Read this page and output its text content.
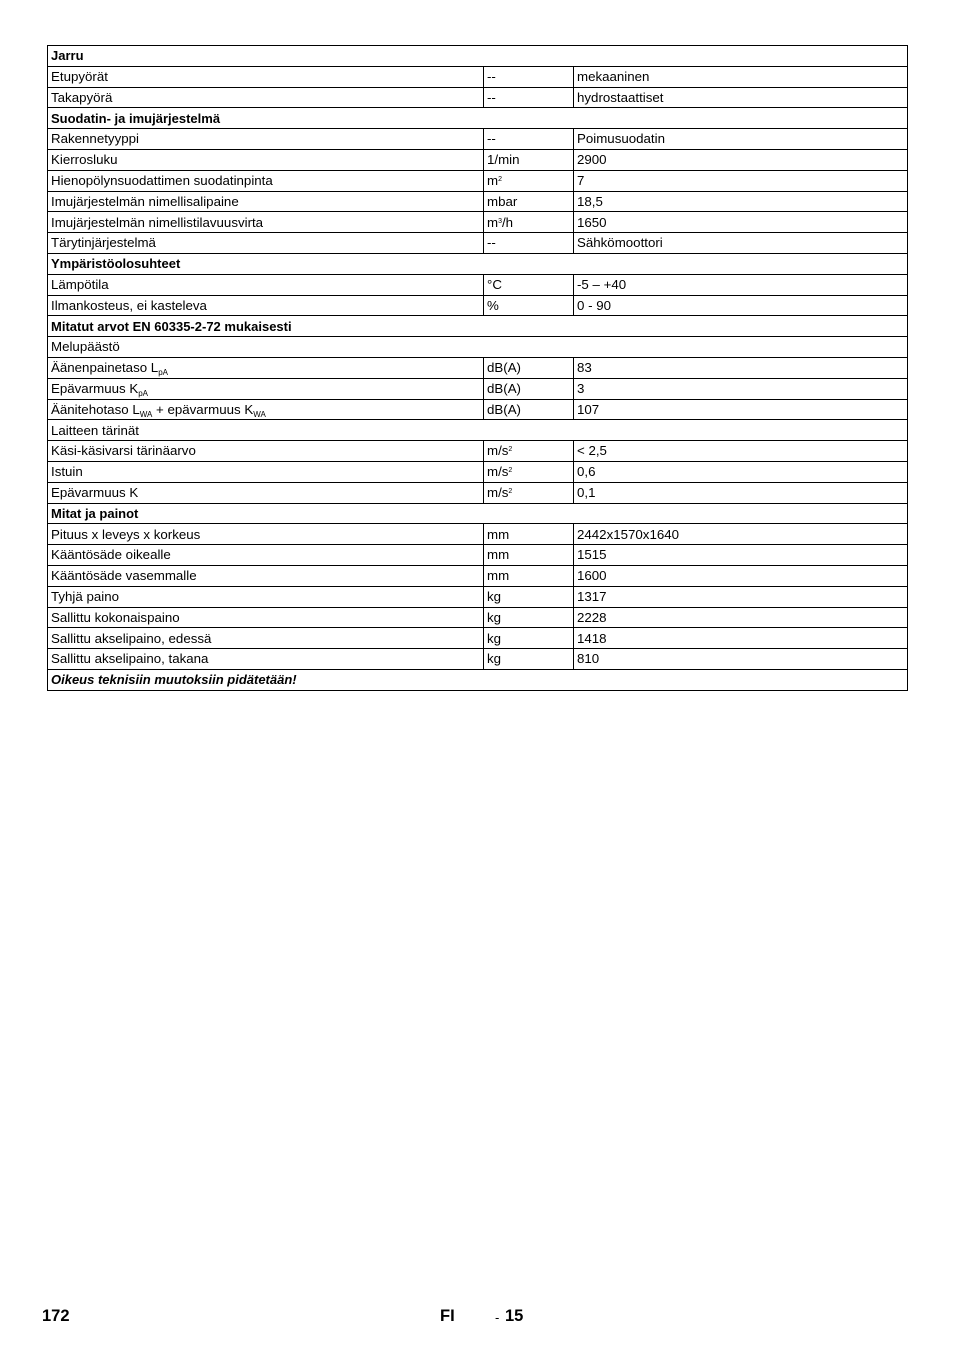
Jarru		
Etupyörät	--	mekaaninen
Takapyörä	--	hydrostaattiset
Suodatin- ja imujärjestelmä		
Rakennetyyppi	--	Poimusuodatin
Kierrosluku	1/min	2900
Hienopölynsuodattimen suodatinpinta	$m^2$	7
Imujärjestelmän nimellisalipaine	mbar	18,5
Imujärjestelmän nimellistilavuusvirta	$m^3/h$	1650
Tärytinjärjestelmä	--	Sähkömoottori
Ympäristöolosuhteet		
Lämpötila	°C	-5 – +40
Ilmankosteus, ei kasteleva	%	0 - 90
Mitatut arvot EN 60335-2-72 mukaisesti		
Melupäästö		
Äänenpainetaso $L_{pA}$	dB(A)	83
Epävarmuus $K_{pA}$	dB(A)	3
Äänitehotaso $L_{WA}$ + epävarmuus $K_{WA}$	dB(A)	107
Laitteen tärinät		
Käsi-käsivarsi tärinäarvo	$m/s^2$	< 2,5
Istuin	$m/s^2$	0,6
Epävarmuus K	$m/s^2$	0,1
Mitat ja painot		
Pituus x leveys x korkeus	mm	2442x1570x1640
Kääntösäde oikealle	mm	1515
Kääntösäde vasemmalle	mm	1600
Tyhjä paino	kg	1317
Sallittu kokonaispaino	kg	2228
Sallittu akselipaino, edessä	kg	1418
Sallittu akselipaino, takana	kg	810
Oikeus teknisiin muutoksiin pidätetään!		
172	FI	- 15
